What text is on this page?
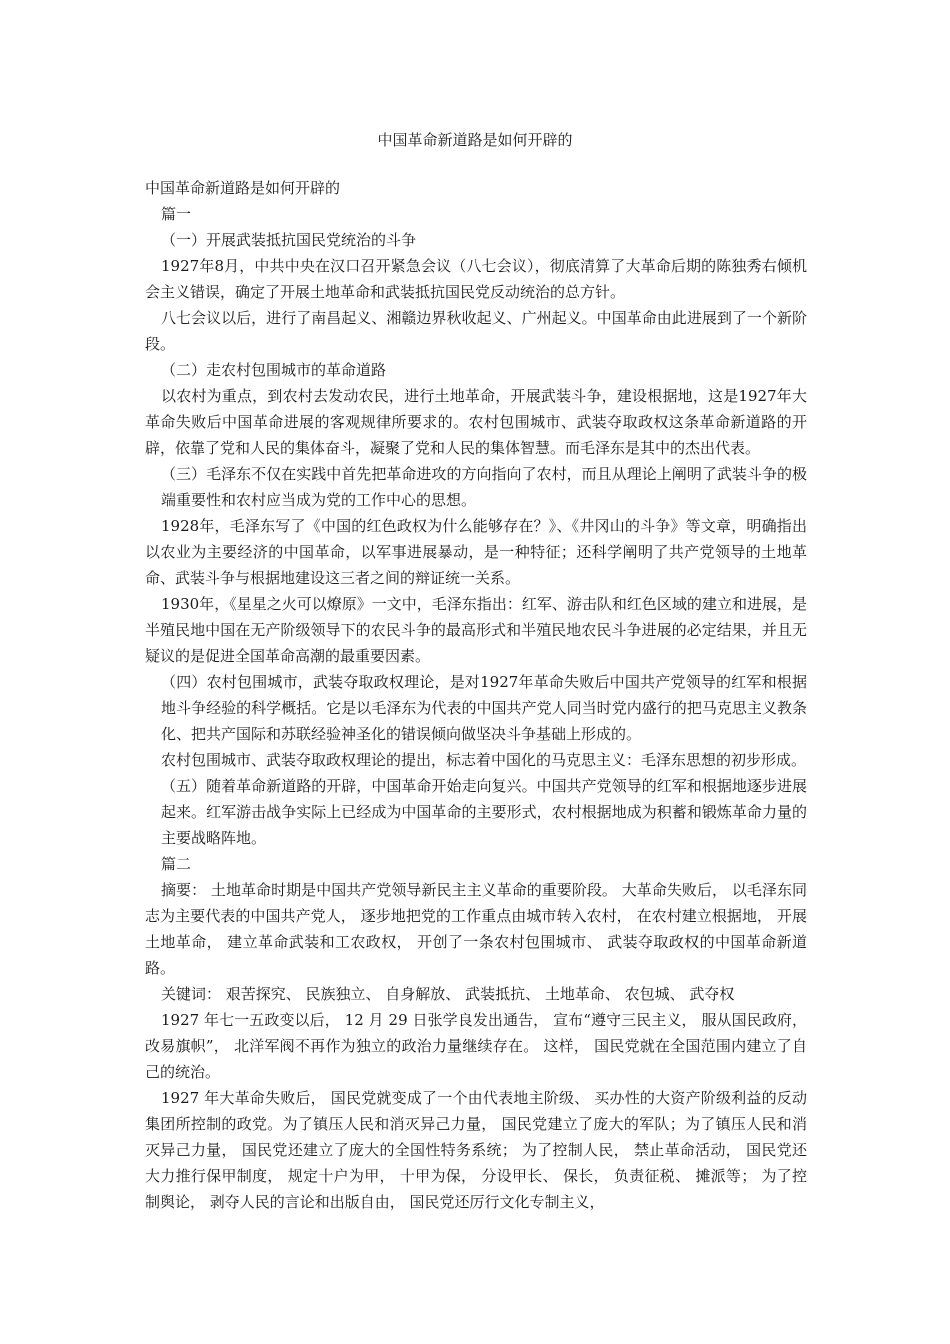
中国革命新道路是如何开辟的

中国革命新道路是如何开辟的

篇一

（一）开展武装抵抗国民党统治的斗争

1927年8月，中共中央在汉口召开紧急会议（八七会议），彻底清算了大革命后期的陈独秀右倾机会主义错误，确定了开展土地革命和武装抵抗国民党反动统治的总方针。

八七会议以后，进行了南昌起义、湘赣边界秋收起义、广州起义。中国革命由此进展到了一个新阶段。

（二）走农村包围城市的革命道路

以农村为重点，到农村去发动农民，进行土地革命，开展武装斗争，建设根据地，这是1927年大革命失败后中国革命进展的客观规律所要求的。农村包围城市、武装夺取政权这条革命新道路的开辟，依靠了党和人民的集体奋斗，凝聚了党和人民的集体智慧。而毛泽东是其中的杰出代表。

（三）毛泽东不仅在实践中首先把革命进攻的方向指向了农村，而且从理论上阐明了武装斗争的极端重要性和农村应当成为党的工作中心的思想。

1928年，毛泽东写了《中国的红色政权为什么能够存在？》、《井冈山的斗争》等文章，明确指出以农业为主要经济的中国革命，以军事进展暴动，是一种特征；还科学阐明了共产党领导的土地革命、武装斗争与根据地建设这三者之间的辩证统一关系。

1930年，《星星之火可以燎原》一文中，毛泽东指出：红军、游击队和红色区域的建立和进展，是半殖民地中国在无产阶级领导下的农民斗争的最高形式和半殖民地农民斗争进展的必定结果，并且无疑议的是促进全国革命高潮的最重要因素。

（四）农村包围城市，武装夺取政权理论，是对1927年革命失败后中国共产党领导的红军和根据地斗争经验的科学概括。它是以毛泽东为代表的中国共产党人同当时党内盛行的把马克思主义教条化、把共产国际和苏联经验神圣化的错误倾向做坚决斗争基础上形成的。

农村包围城市、武装夺取政权理论的提出，标志着中国化的马克思主义：毛泽东思想的初步形成。

（五）随着革命新道路的开辟，中国革命开始走向复兴。中国共产党领导的红军和根据地逐步进展起来。红军游击战争实际上已经成为中国革命的主要形式，农村根据地成为积蓄和锻炼革命力量的主要战略阵地。

篇二

摘要： 土地革命时期是中国共产党领导新民主主义革命的重要阶段。 大革命失败后， 以毛泽东同志为主要代表的中国共产党人， 逐步地把党的工作重点由城市转入农村， 在农村建立根据地， 开展土地革命， 建立革命武装和工农政权， 开创了一条农村包围城市、 武装夺取政权的中国革命新道路。

关键词： 艰苦探究、 民族独立、 自身解放、 武装抵抗、 土地革命、 农包城、 武夺权

1927 年七一五政变以后， 12 月 29 日张学良发出通告， 宣布“遵守三民主义， 服从国民政府， 改易旗帜”， 北洋军阀不再作为独立的政治力量继续存在。 这样， 国民党就在全国范围内建立了自己的统治。

1927 年大革命失败后， 国民党就变成了一个由代表地主阶级、 买办性的大资产阶级利益的反动集团所控制的政党。为了镇压人民和消灭异己力量， 国民党建立了庞大的军队；为了镇压人民和消灭异己力量， 国民党还建立了庞大的全国性特务系统； 为了控制人民， 禁止革命活动， 国民党还大力推行保甲制度， 规定十户为甲， 十甲为保， 分设甲长、 保长， 负责征税、 摊派等； 为了控制舆论， 剥夺人民的言论和出版自由， 国民党还厉行文化专制主义，
